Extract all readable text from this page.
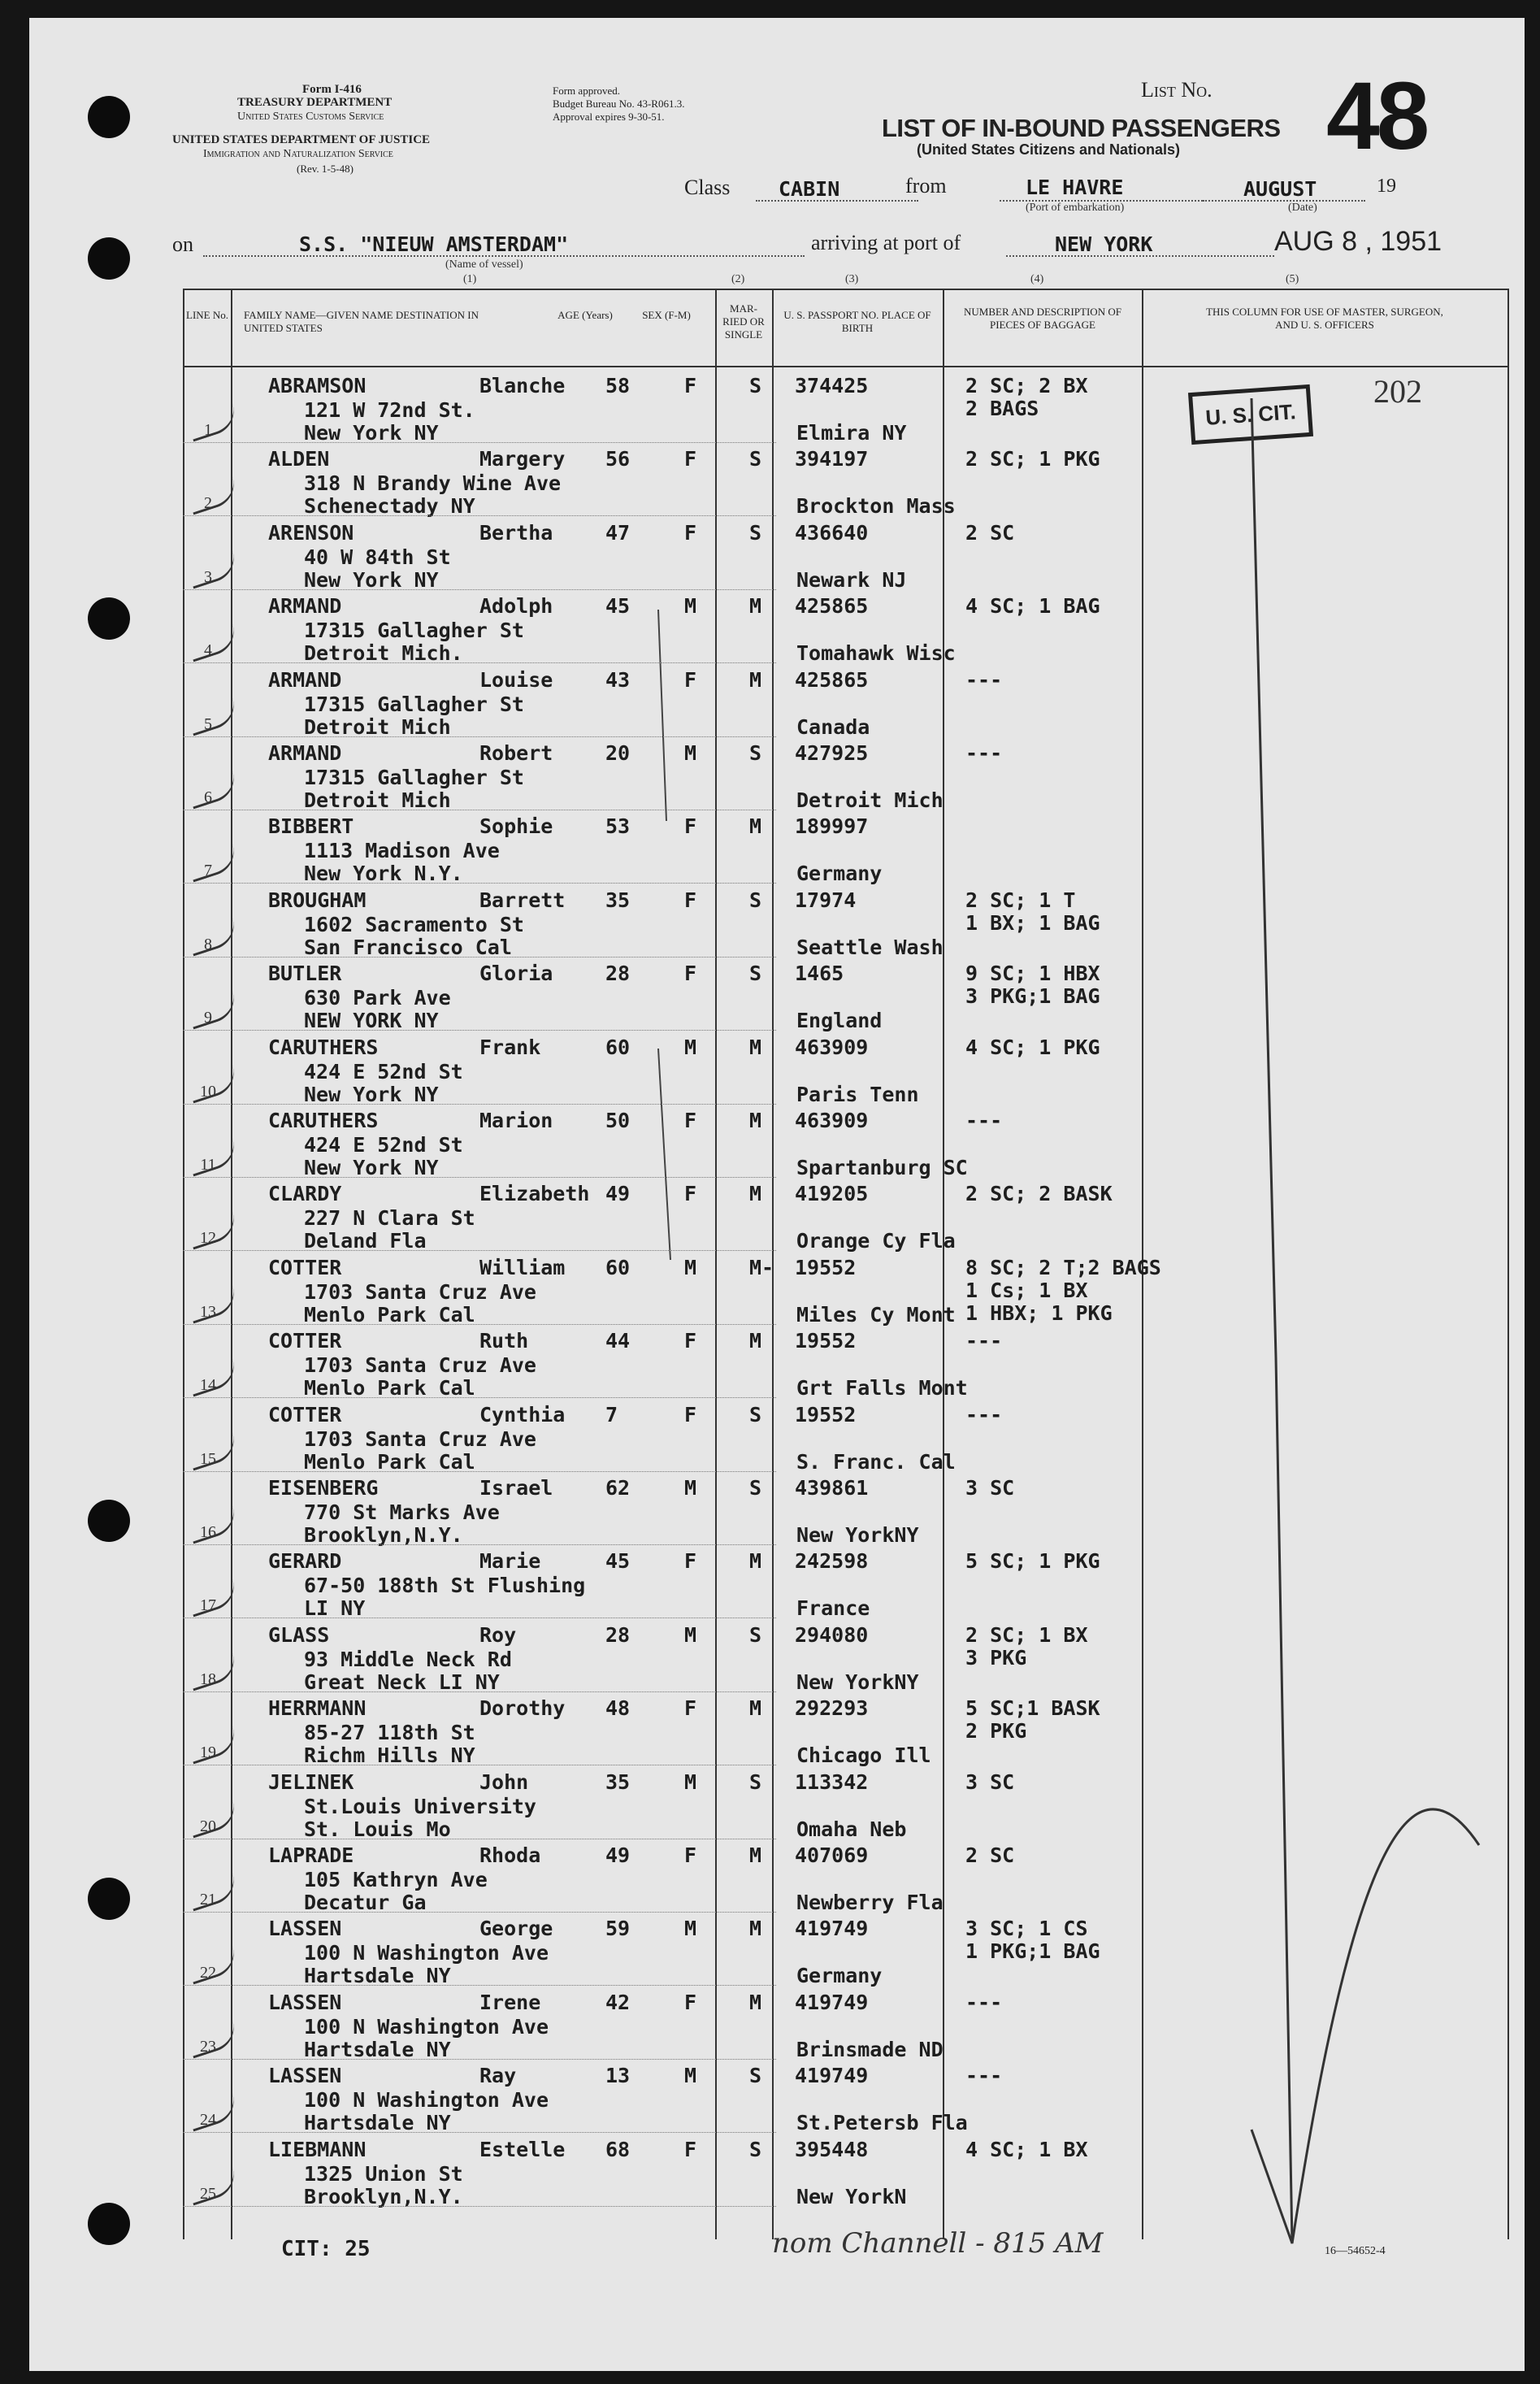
Form I-416
TREASURY DEPARTMENT
United States Customs Service
UNITED STATES DEPARTMENT OF JUSTICE
Immigration and Naturalization Service
(Rev. 1-5-48)
Form approved.
Budget Bureau No. 43-R061.3.
Approval expires 9-30-51.
List No. 48
LIST OF IN-BOUND PASSENGERS
(United States Citizens and Nationals)
Class CABIN	from	LE HAVRE
(Port of embarkation)
AUGUST
(Date)
19
on	S.S. "NIEUW AMSTERDAM"
(Name of vessel)
arriving at port of	NEW YORK	AUG 8 , 1951
(1)	(2)	(3)	(4)	(5)
LINE No. FAMILY NAME—GIVEN NAME DESTINATION IN UNITED STATES
AGE (Years)	SEX (F-M)
MAR-RIED OR SINGLE
U. S. PASSPORT NO. PLACE OF BIRTH
NUMBER AND DESCRIPTION OF PIECES OF BAGGAGE
THIS COLUMN FOR USE OF MASTER, SURGEON, AND U. S. OFFICERS
U. S. CIT.
202
1
ABRAMSON	Blanche 58	F	S 374425
121 W 72nd St.
New York NY	Elmira NY
2 SC; 2 BX
2 BAGS
2
ALDEN	Margery 56	F	S 394197
318 N Brandy Wine Ave
Schenectady NY	Brockton Mass
2 SC; 1 PKG
3
ARENSON	Bertha	47	F	S 436640
40 W 84th St
New York NY	Newark NJ
2 SC
4
ARMAND	Adolph	45	M	M 425865
17315 Gallagher St
Detroit Mich.	Tomahawk Wisc
4 SC; 1 BAG
5
ARMAND	Louise	43	F	M 425865
17315 Gallagher St
Detroit Mich	Canada
---
6
ARMAND	Robert	20	M	S 427925
17315 Gallagher St
Detroit Mich	Detroit Mich
---
7
BIBBERT	Sophie	53	F	M 189997
1113 Madison Ave
New York N.Y.	Germany
8
BROUGHAM	Barrett 35	F	S 17974
1602 Sacramento St
San Francisco Cal	Seattle Wash
2 SC; 1 T
1 BX; 1 BAG
9
BUTLER	Gloria	28	F	S 1465
630 Park Ave
NEW YORK NY	England
9 SC; 1 HBX
3 PKG;1 BAG
10
CARUTHERS	Frank	60	M	M 463909
424 E 52nd St
New York NY	Paris Tenn
4 SC; 1 PKG
11
CARUTHERS	Marion	50	F	M 463909
424 E 52nd St
New York NY	Spartanburg SC
---
12
CLARDY	Elizabeth 49	F	M 419205
227 N Clara St
Deland Fla	Orange Cy Fla
2 SC; 2 BASK
13
COTTER	William 60	M	M- 19552
1703 Santa Cruz Ave
Menlo Park Cal	Miles Cy Mont
8 SC; 2 T;2 BAGS
1 Cs; 1 BX
1 HBX; 1 PKG
14
COTTER	Ruth	44	F	M 19552
1703 Santa Cruz Ave
Menlo Park Cal	Grt Falls Mont
---
15
COTTER	Cynthia 7	F	S 19552
1703 Santa Cruz Ave
Menlo Park Cal	S. Franc. Cal
---
16
EISENBERG	Israel	62	M	S 439861
770 St Marks Ave
Brooklyn,N.Y.	New YorkNY
3 SC
17
GERARD	Marie	45	F	M 242598
67-50 188th St Flushing
LI NY	France
5 SC; 1 PKG
18
GLASS	Roy	28	M	S 294080
93 Middle Neck Rd
Great Neck LI NY	New YorkNY
2 SC; 1 BX
3 PKG
19
HERRMANN	Dorothy 48	F	M 292293
85-27 118th St
Richm Hills NY	Chicago Ill
5 SC;1 BASK
2 PKG
20
JELINEK	John	35	M	S 113342
St.Louis University
St. Louis Mo	Omaha Neb
3 SC
21
LAPRADE	Rhoda	49	F	M 407069
105 Kathryn Ave
Decatur Ga	Newberry Fla
2 SC
22
LASSEN	George	59	M	M 419749
100 N Washington Ave
Hartsdale NY	Germany
3 SC; 1 CS
1 PKG;1 BAG
23
LASSEN	Irene	42	F	M 419749
100 N Washington Ave
Hartsdale NY	Brinsmade ND
---
24
LASSEN	Ray	13	M	S 419749
100 N Washington Ave
Hartsdale NY	St.Petersb Fla
---
25
LIEBMANN	Estelle 68	F	S 395448
1325 Union St
Brooklyn,N.Y.	New YorkN
4 SC; 1 BX
CIT: 25	nom Channell - 815 AM	16—54652-4
